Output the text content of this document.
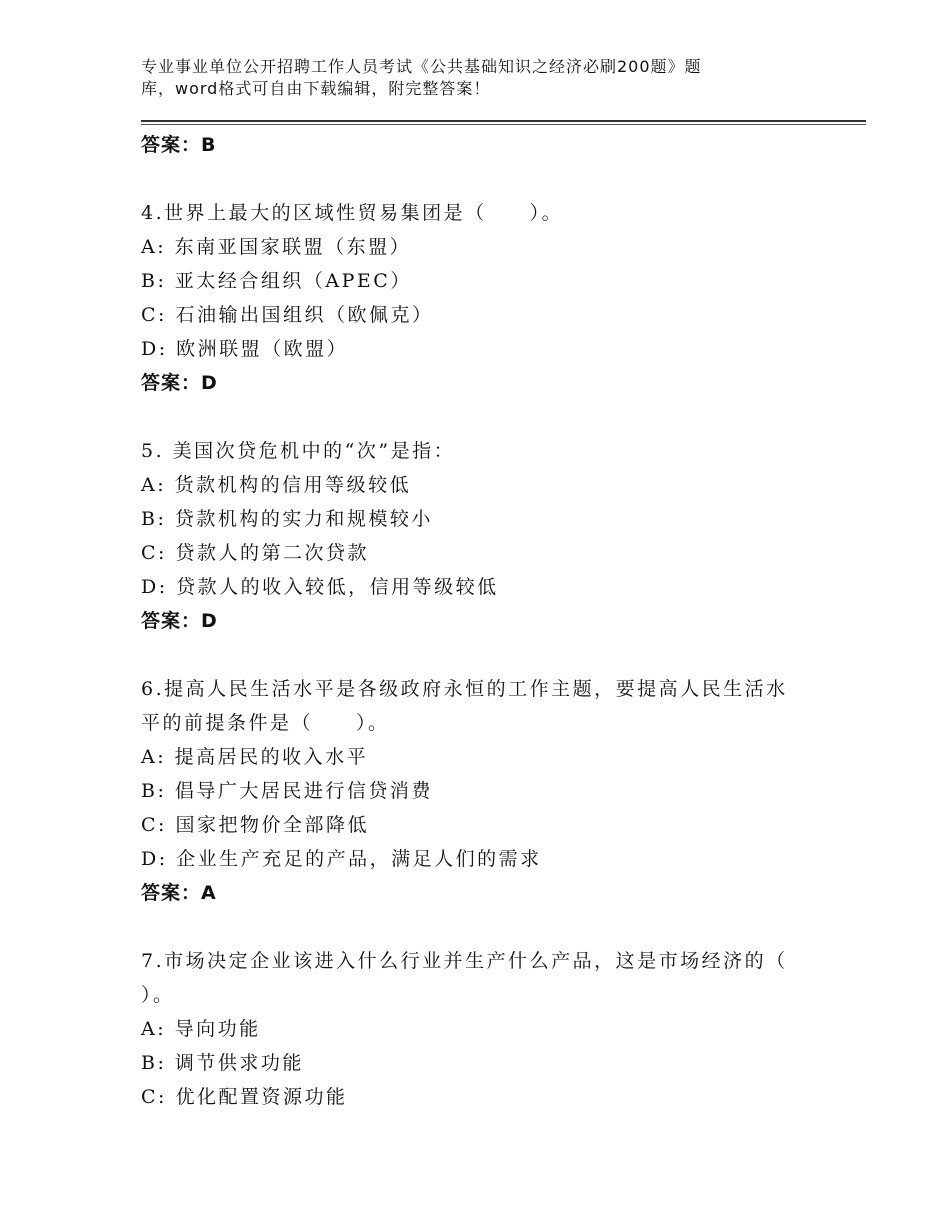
专业事业单位公开招聘工作人员考试《公共基础知识之经济必刷200题》题
库，word格式可自由下载编辑，附完整答案！
答案：B
4.世界上最大的区域性贸易集团是（　　）。
A: 东南亚国家联盟（东盟）
B: 亚太经合组织（APEC）
C: 石油输出国组织（欧佩克）
D: 欧洲联盟（欧盟）
答案：D
5. 美国次贷危机中的“次”是指：
A: 货款机构的信用等级较低
B: 贷款机构的实力和规模较小
C: 贷款人的第二次贷款
D: 贷款人的收入较低，信用等级较低
答案：D
6.提高人民生活水平是各级政府永恒的工作主题，要提高人民生活水
平的前提条件是（　　）。
A: 提高居民的收入水平
B: 倡导广大居民进行信贷消费
C: 国家把物价全部降低
D: 企业生产充足的产品，满足人们的需求
答案：A
7.市场决定企业该进入什么行业并生产什么产品，这是市场经济的（
）。
A: 导向功能
B: 调节供求功能
C: 优化配置资源功能
